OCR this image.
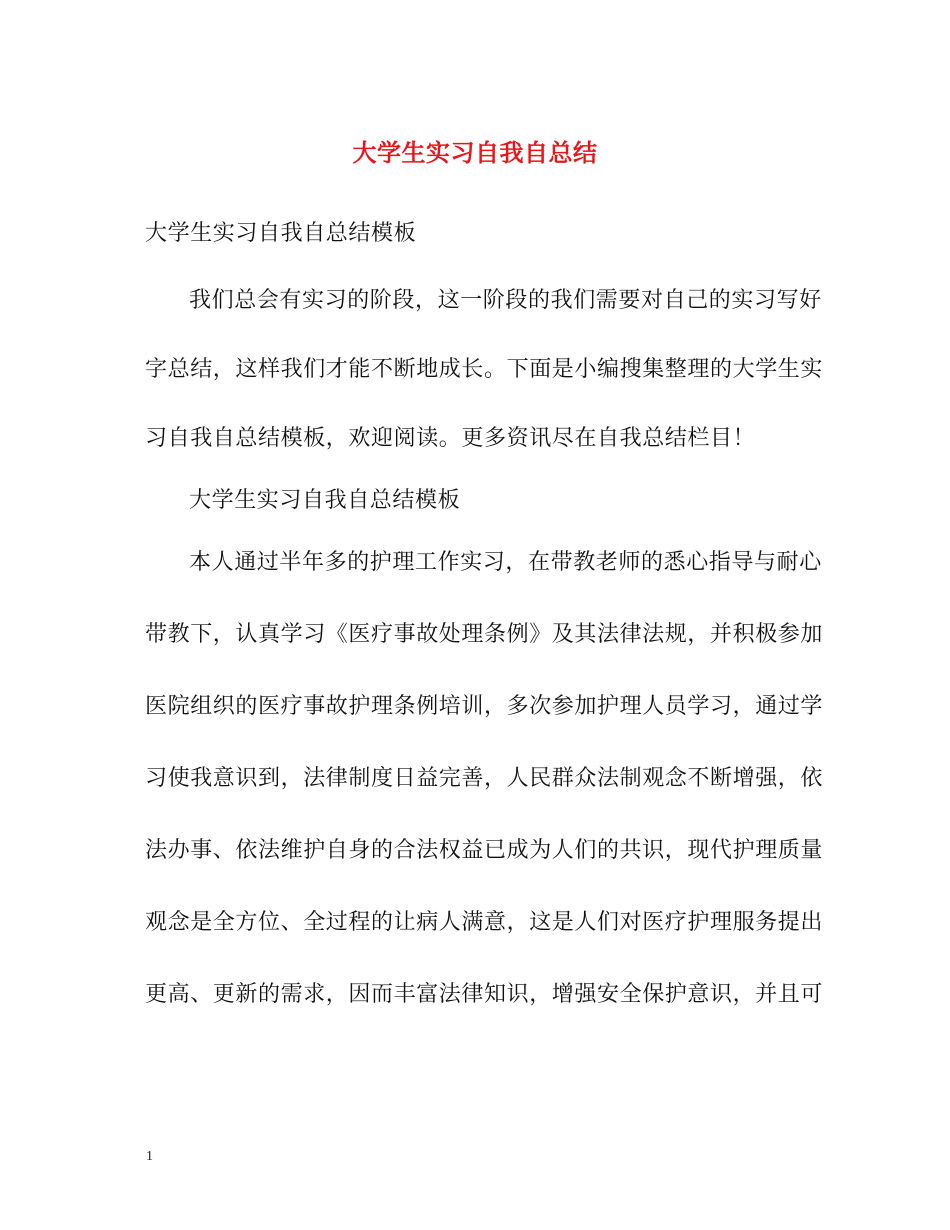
大学生实习自我自总结
大学生实习自我自总结模板
我们总会有实习的阶段，这一阶段的我们需要对自己的实习写好
字总结，这样我们才能不断地成长。下面是小编搜集整理的大学生实
习自我自总结模板，欢迎阅读。更多资讯尽在自我总结栏目！
大学生实习自我自总结模板
本人通过半年多的护理工作实习，在带教老师的悉心指导与耐心
带教下，认真学习《医疗事故处理条例》及其法律法规，并积极参加
医院组织的医疗事故护理条例培训，多次参加护理人员学习，通过学
习使我意识到，法律制度日益完善，人民群众法制观念不断增强，依
法办事、依法维护自身的合法权益已成为人们的共识，现代护理质量
观念是全方位、全过程的让病人满意，这是人们对医疗护理服务提出
更高、更新的需求，因而丰富法律知识，增强安全保护意识，并且可
1
